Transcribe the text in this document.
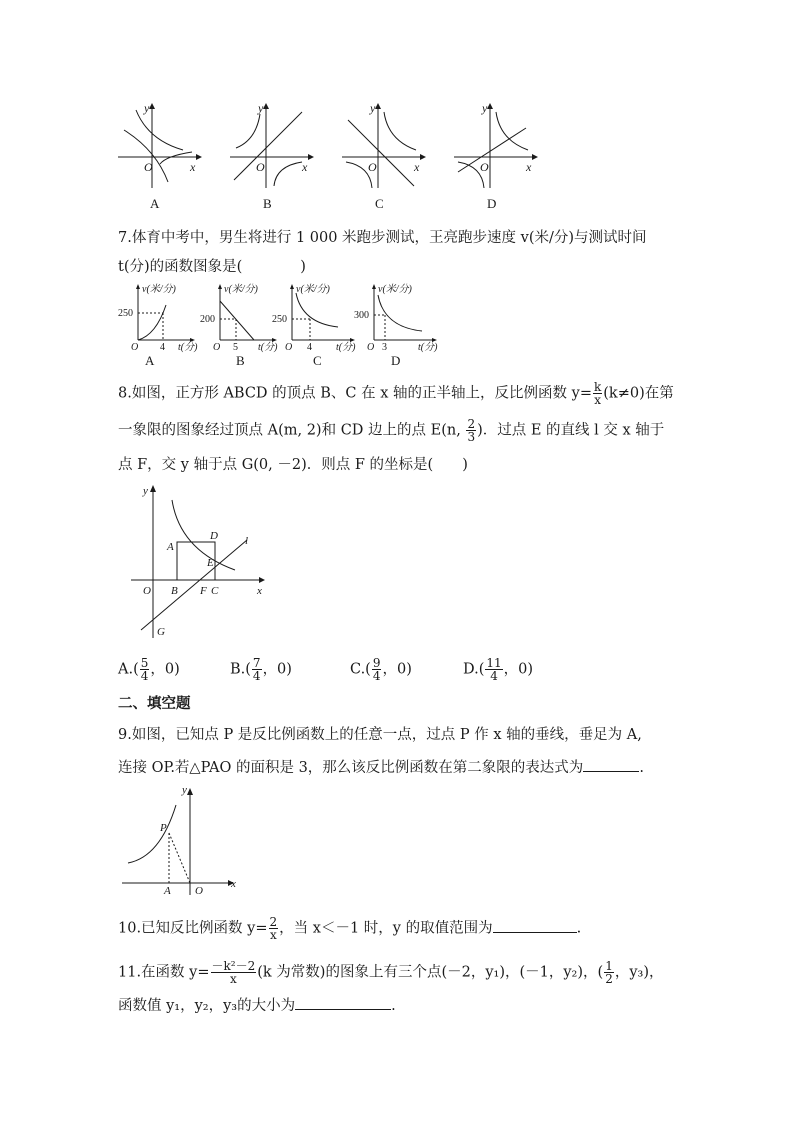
y
x
O
A
y
x
O
B
y
x
O
C
y
x
O
D
7.体育中考中，男生将进行 1 000 米跑步测试，王亮跑步速度 v(米/分)与测试时间
t(分)的函数图象是(　　　　)
v(米/分)
250
O 4 t(分)
A
v(米/分)
200
O 5 t(分)
B
v(米/分)
250
O 4 t(分)
C
v(米/分)
300
O 3	t(分)
D
8.如图，正方形 ABCD 的顶点 B、C 在 x 轴的正半轴上，反比例函数 $y= \frac{k}{x} (k\ne 0)$在第
一象限的图象经过顶点 A(m, 2)和 CD 边上的点 E(n, $\frac{2}{3}$ )．过点 E 的直线 l 交 x 轴于
点 F，交 y 轴于点 G(0, －2)．则点 F 的坐标是(　　)
y
x
O
A
B	C
D
E
F
G
l
$A.( \frac{5}{4}$ ，0)	$B.( \frac{7}{4}$ ，0)	$C.( \frac{9}{4}$ ，0)	$D.( \frac{11}{4}$ ，0)
二、填空题
9.如图，已知点 P 是反比例函数上的任意一点，过点 P 作 x 轴的垂线，垂足为 A,
连接 OP.若△PAO 的面积是 3，那么该反比例函数在第二象限的表达式为	.
y
x
O
P
A
10.已知反比例函数 $y= \frac{2}{x}$ ，当 x＜－1 时，y 的取值范围为	.
11.在函数 $y= \frac{\text{－k²－2}}{x} (k$ 为常数)的图象上有三个点(－2，y₁)，(－1，y₂)，( $\frac{1}{2}$ ，y₃)，
函数值 y₁，y₂，y₃的大小为	.
